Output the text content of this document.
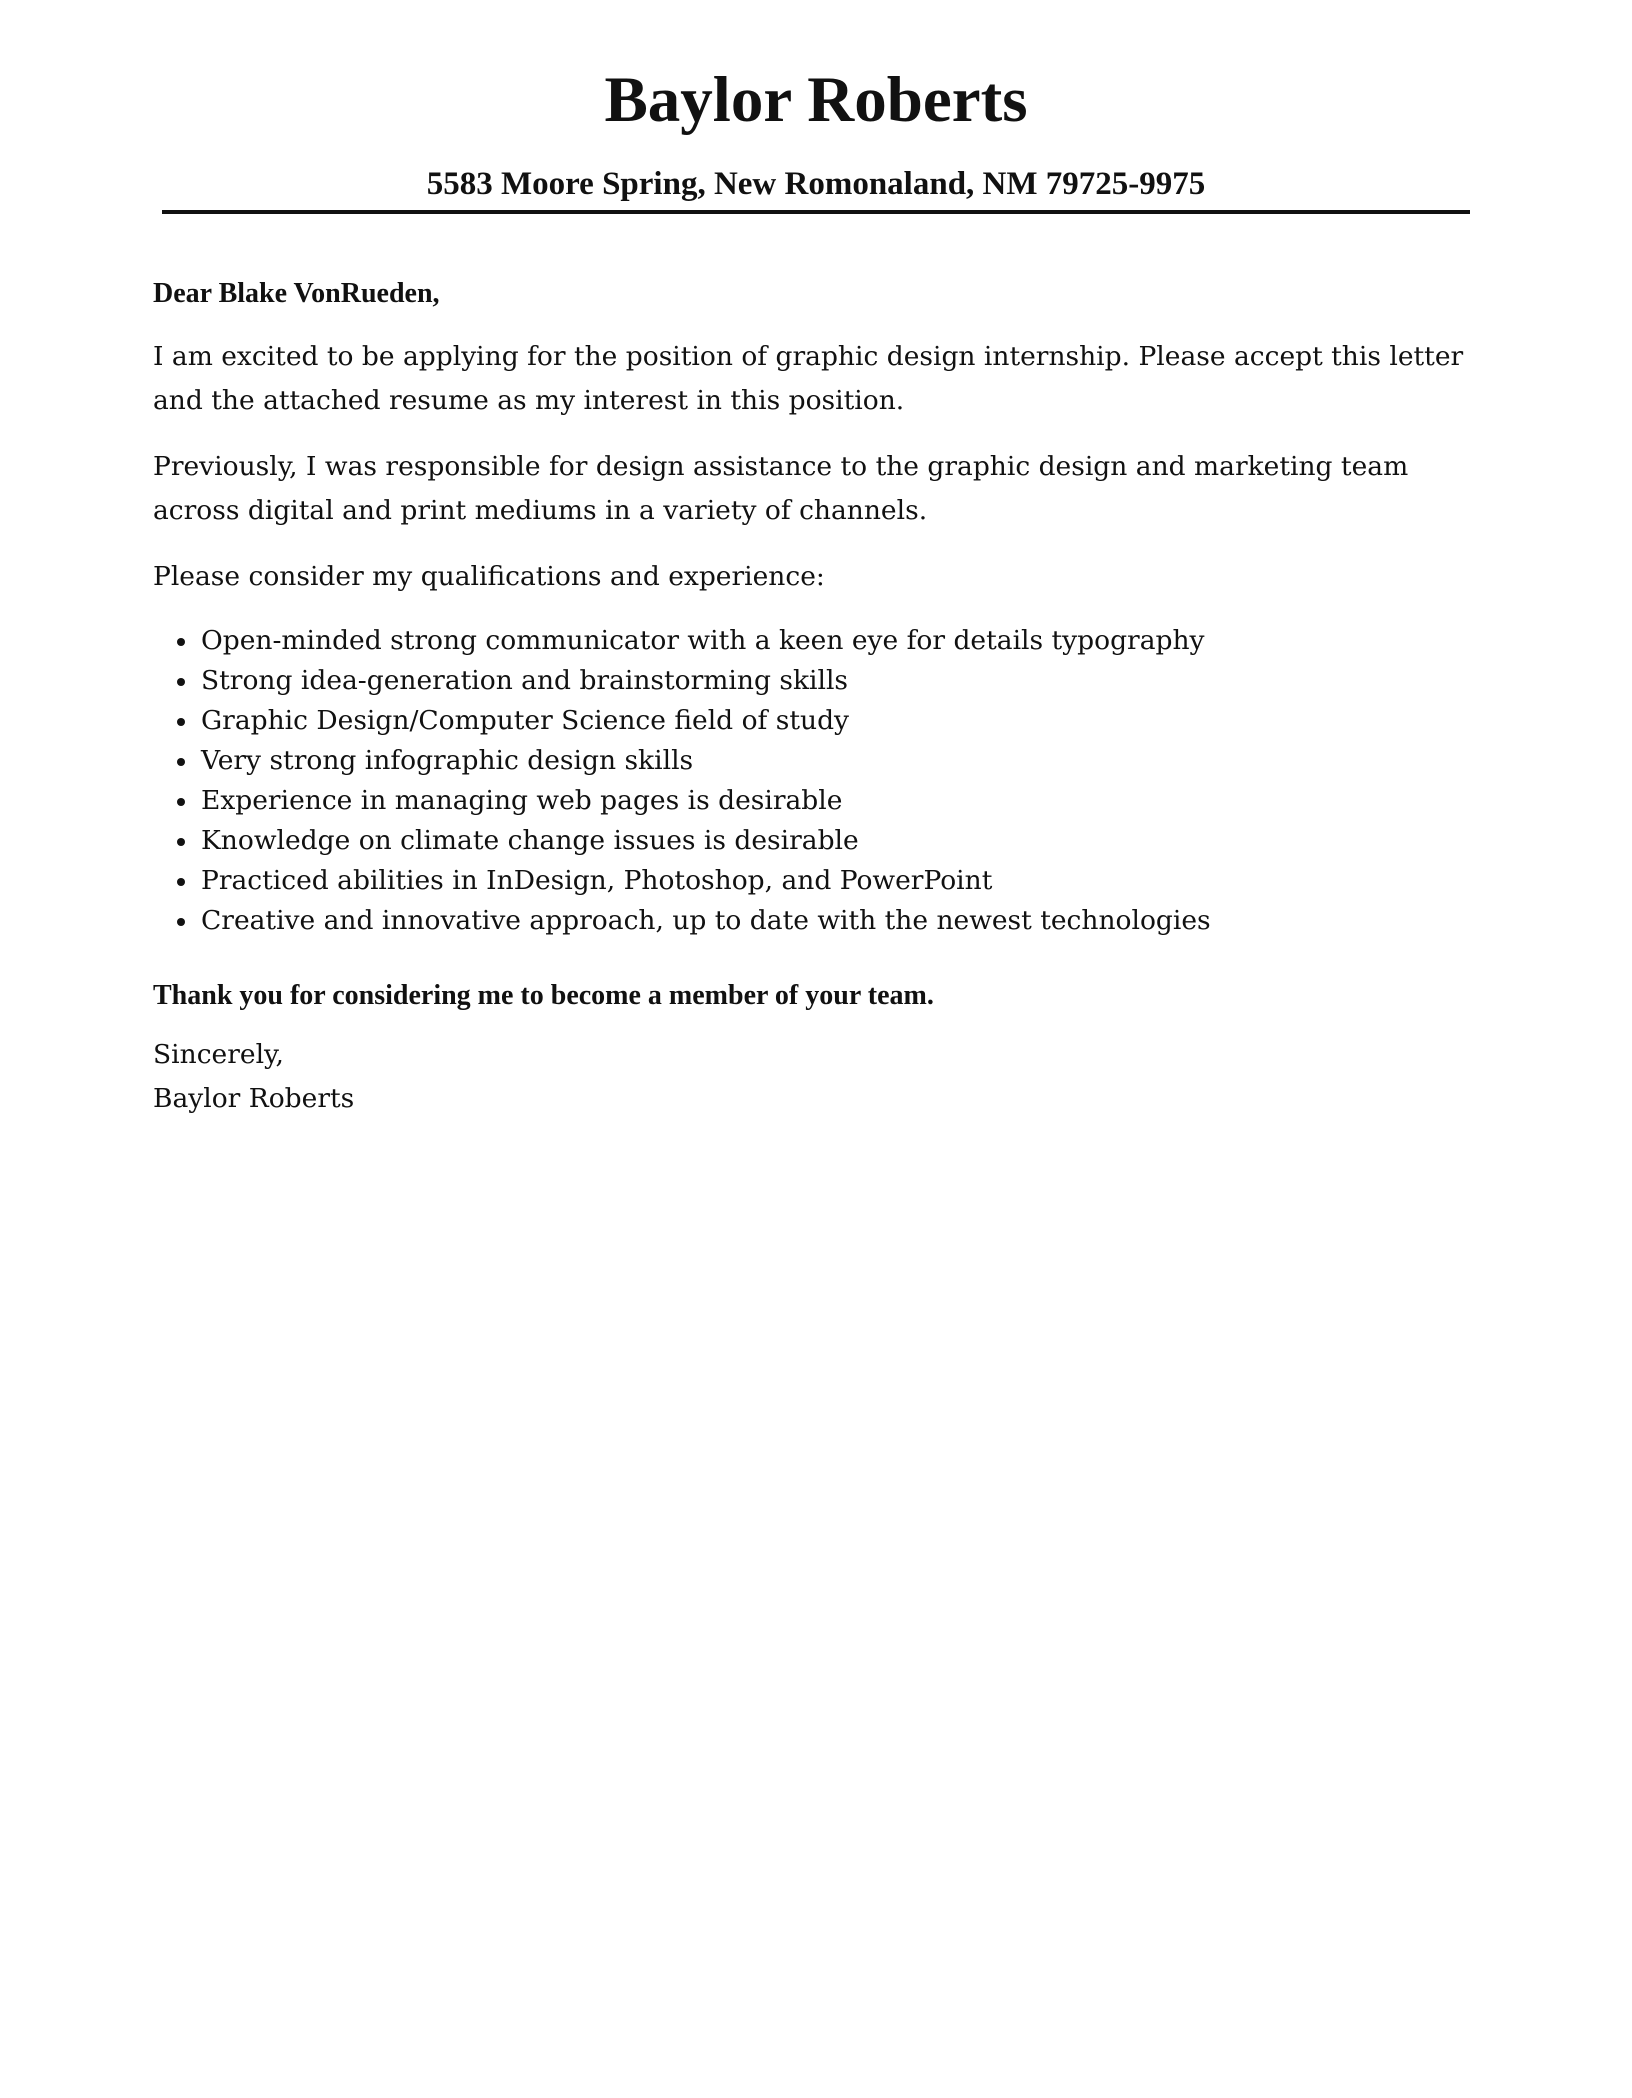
Baylor Roberts
5583 Moore Spring, New Romonaland, NM 79725-9975

Dear Blake VonRueden,

I am excited to be applying for the position of graphic design internship. Please accept this letter and the attached resume as my interest in this position.

Previously, I was responsible for design assistance to the graphic design and marketing team across digital and print mediums in a variety of channels.

Please consider my qualifications and experience:

Open-minded strong communicator with a keen eye for details typography
Strong idea-generation and brainstorming skills
Graphic Design/Computer Science field of study
Very strong infographic design skills
Experience in managing web pages is desirable
Knowledge on climate change issues is desirable
Practiced abilities in InDesign, Photoshop, and PowerPoint
Creative and innovative approach, up to date with the newest technologies

Thank you for considering me to become a member of your team.

Sincerely,

Baylor Roberts
